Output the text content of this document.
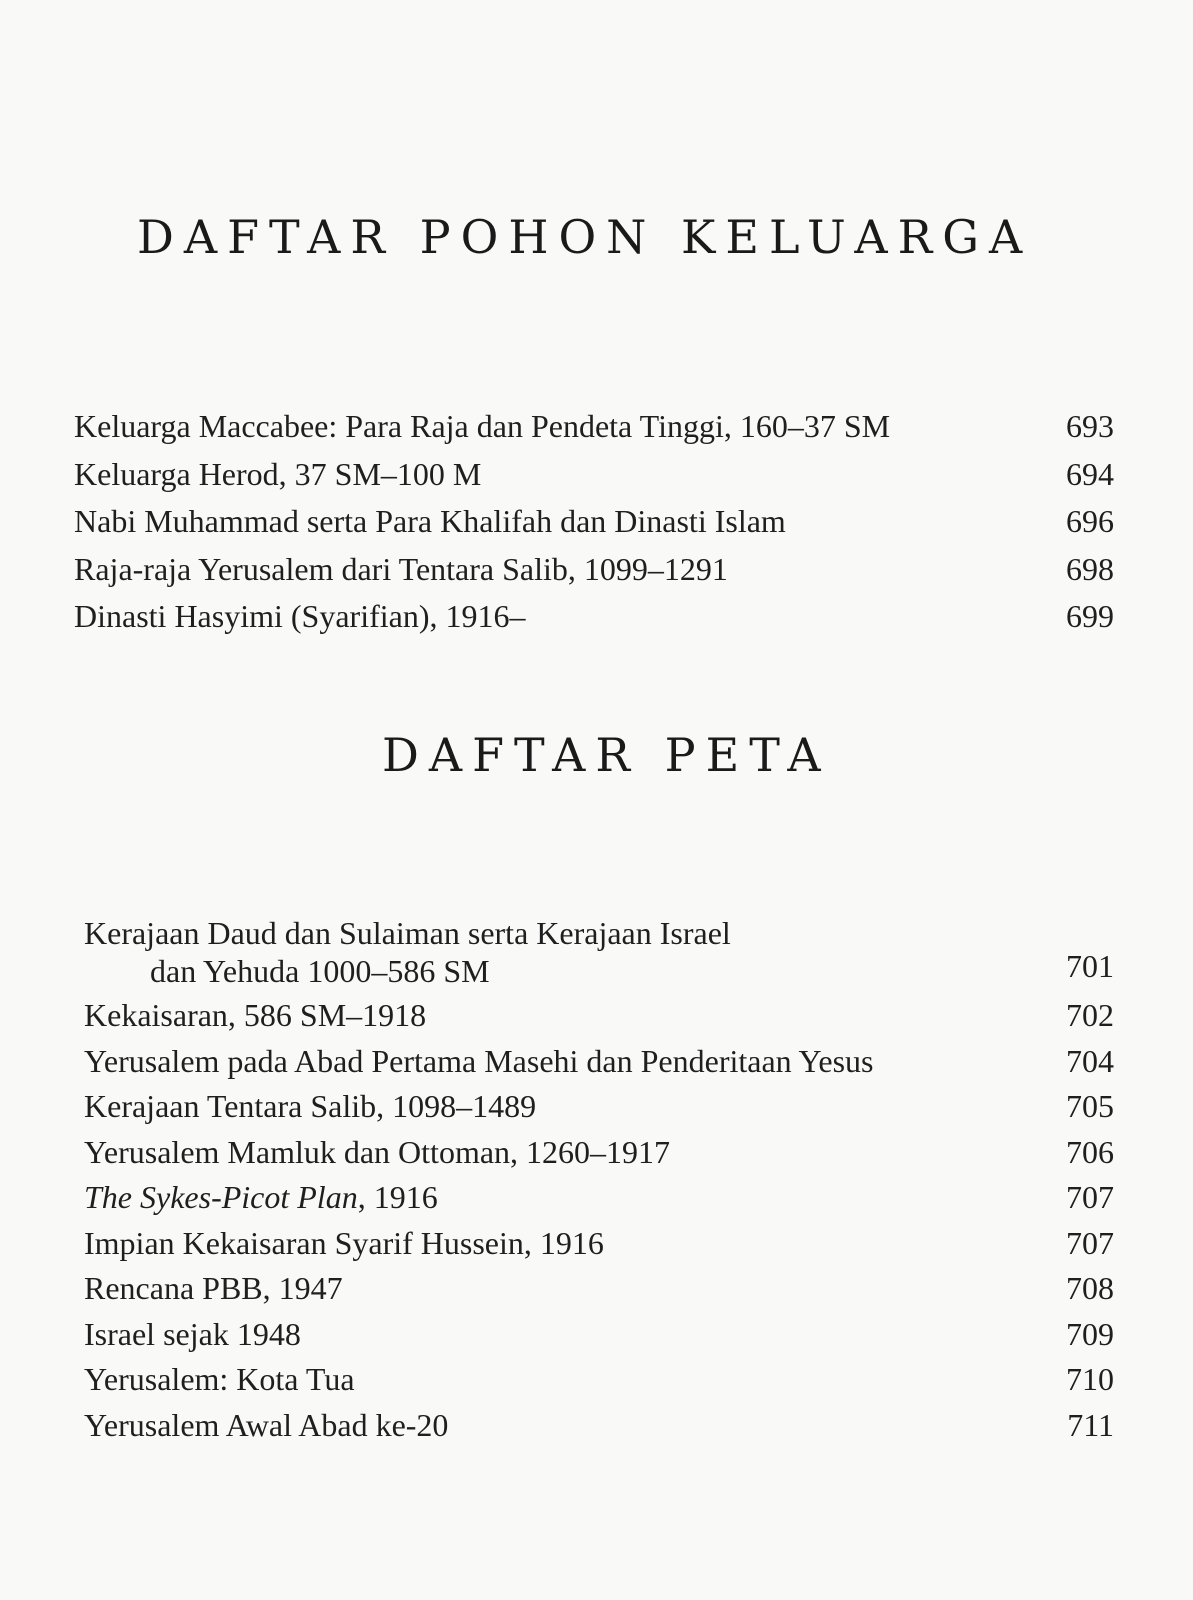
DAFTAR POHON KELUARGA
Keluarga Maccabee: Para Raja dan Pendeta Tinggi, 160–37 SM	693
Keluarga Herod, 37 SM–100 M	694
Nabi Muhammad serta Para Khalifah dan Dinasti Islam	696
Raja-raja Yerusalem dari Tentara Salib, 1099–1291	698
Dinasti Hasyimi (Syarifian), 1916–	699
DAFTAR PETA
Kerajaan Daud dan Sulaiman serta Kerajaan Israel
dan Yehuda 1000–586 SM	701
Kekaisaran, 586 SM–1918	702
Yerusalem pada Abad Pertama Masehi dan Penderitaan Yesus	704
Kerajaan Tentara Salib, 1098–1489	705
Yerusalem Mamluk dan Ottoman, 1260–1917	706
The Sykes-Picot Plan, 1916	707
Impian Kekaisaran Syarif Hussein, 1916	707
Rencana PBB, 1947	708
Israel sejak 1948	709
Yerusalem: Kota Tua	710
Yerusalem Awal Abad ke-20	711
